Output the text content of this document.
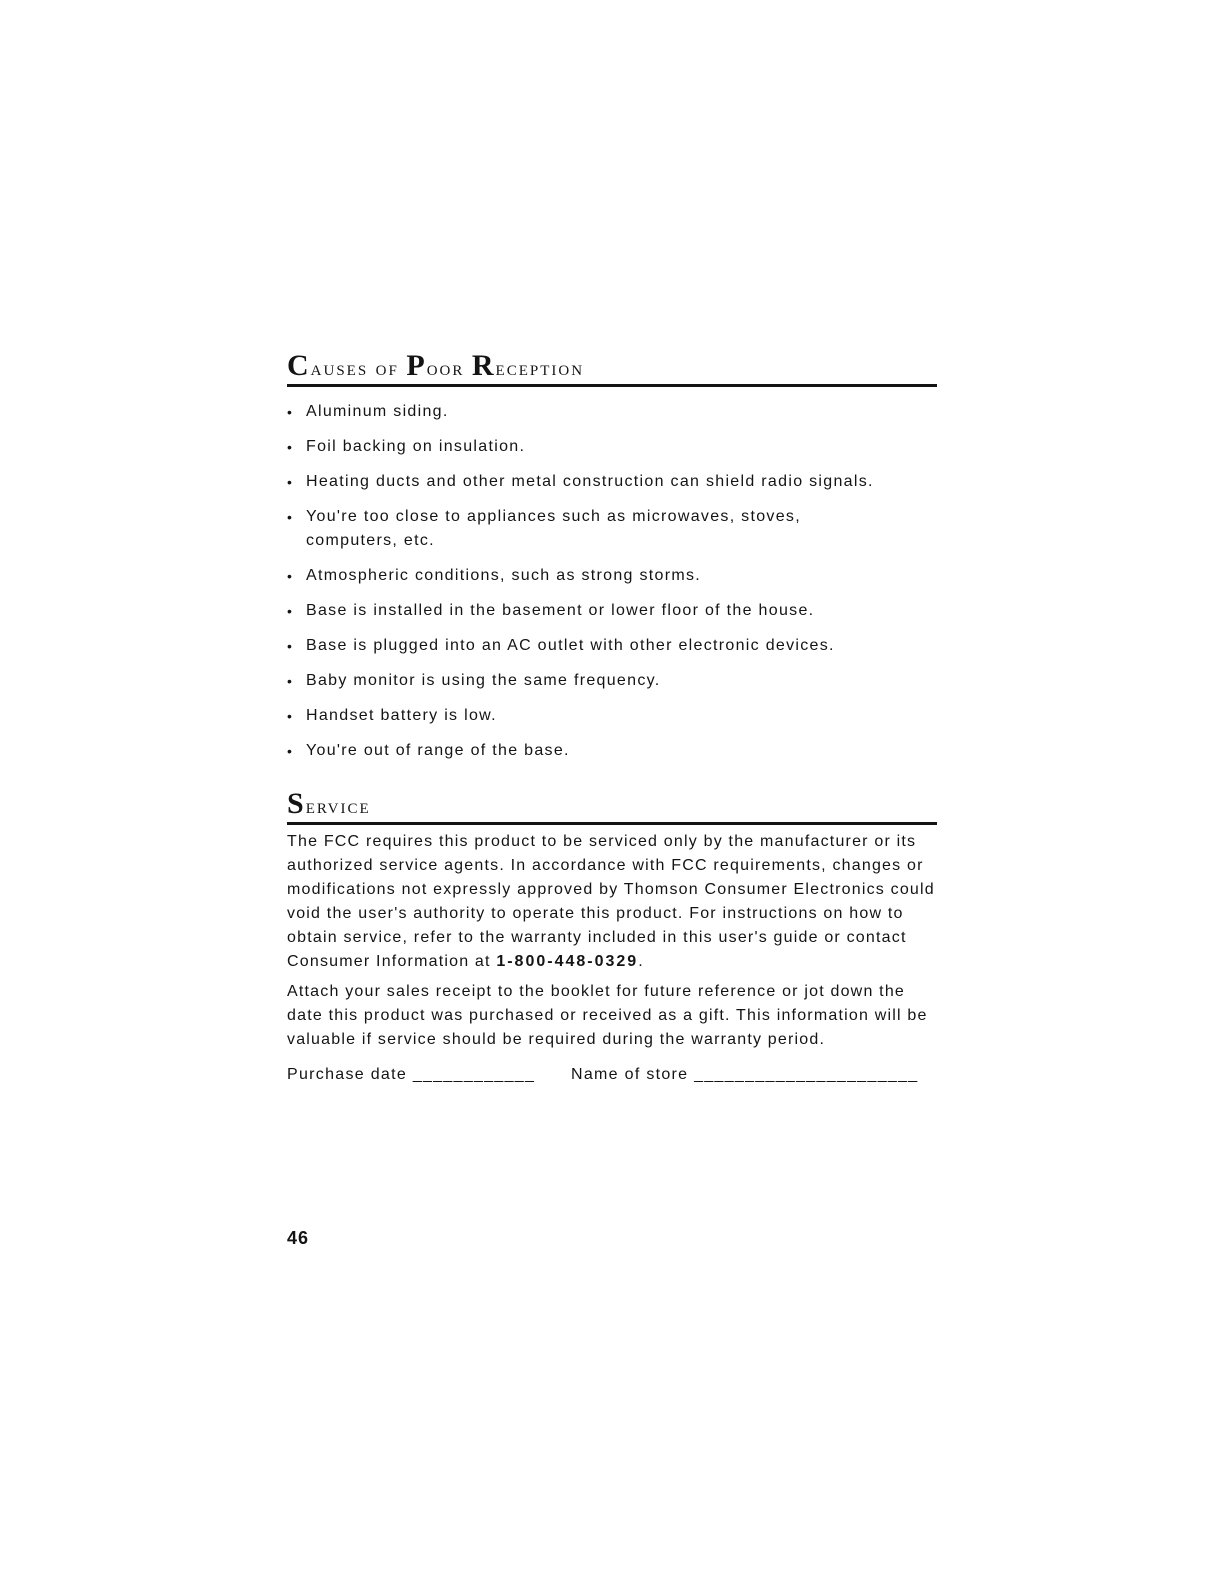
Causes of Poor Reception
• Aluminum siding.
• Foil backing on insulation.
• Heating ducts and other metal construction can shield radio signals.
• You're too close to appliances such as microwaves, stoves, computers, etc.
• Atmospheric conditions, such as strong storms.
• Base is installed in the basement or lower floor of the house.
• Base is plugged into an AC outlet with other electronic devices.
• Baby monitor is using the same frequency.
• Handset battery is low.
• You're out of range of the base.
Service

The FCC requires this product to be serviced only by the manufacturer or its authorized service agents. In accordance with FCC requirements, changes or modifications not expressly approved by Thomson Consumer Electronics could void the user's authority to operate this product. For instructions on how to obtain service, refer to the warranty included in this user's guide or contact Consumer Information at 1-800-448-0329.

Attach your sales receipt to the booklet for future reference or jot down the date this product was purchased or received as a gift. This information will be valuable if service should be required during the warranty period.

Purchase date ____________ Name of store ______________________
46
